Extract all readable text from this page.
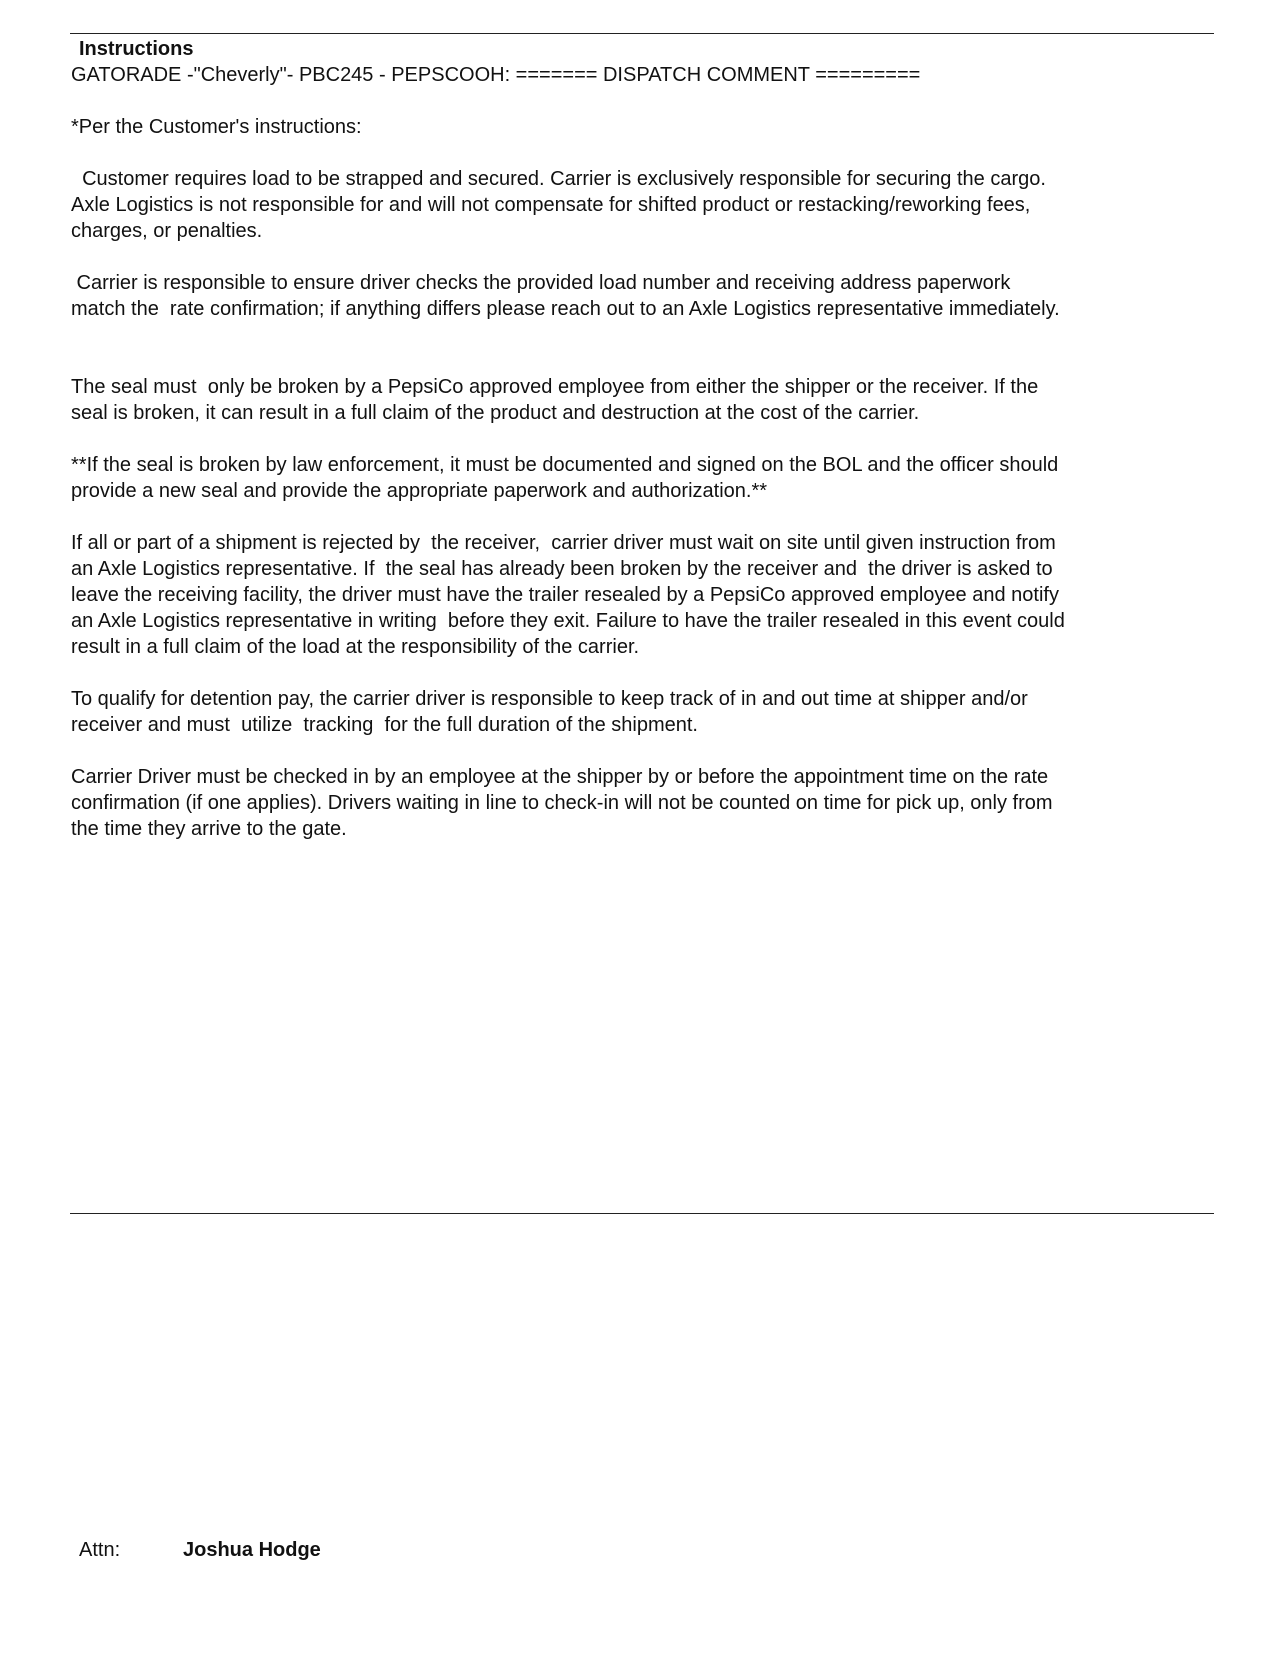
Instructions
GATORADE -"Cheverly"- PBC245 - PEPSCOOH: ======= DISPATCH COMMENT =========
*Per the Customer's instructions:
Customer requires load to be strapped and secured. Carrier is exclusively responsible for securing the cargo.
Axle Logistics is not responsible for and will not compensate for shifted product or restacking/reworking fees,
charges, or penalties.
Carrier is responsible to ensure driver checks the provided load number and receiving address paperwork
match the  rate confirmation; if anything differs please reach out to an Axle Logistics representative immediately.
The seal must  only be broken by a PepsiCo approved employee from either the shipper or the receiver. If the
seal is broken, it can result in a full claim of the product and destruction at the cost of the carrier.
**If the seal is broken by law enforcement, it must be documented and signed on the BOL and the officer should
provide a new seal and provide the appropriate paperwork and authorization.**
If all or part of a shipment is rejected by  the receiver,  carrier driver must wait on site until given instruction from
an Axle Logistics representative. If  the seal has already been broken by the receiver and  the driver is asked to
leave the receiving facility, the driver must have the trailer resealed by a PepsiCo approved employee and notify
an Axle Logistics representative in writing  before they exit. Failure to have the trailer resealed in this event could
result in a full claim of the load at the responsibility of the carrier.
To qualify for detention pay, the carrier driver is responsible to keep track of in and out time at shipper and/or
receiver and must  utilize  tracking  for the full duration of the shipment.
Carrier Driver must be checked in by an employee at the shipper by or before the appointment time on the rate
confirmation (if one applies). Drivers waiting in line to check-in will not be counted on time for pick up, only from
the time they arrive to the gate.
Attn:	Joshua Hodge
